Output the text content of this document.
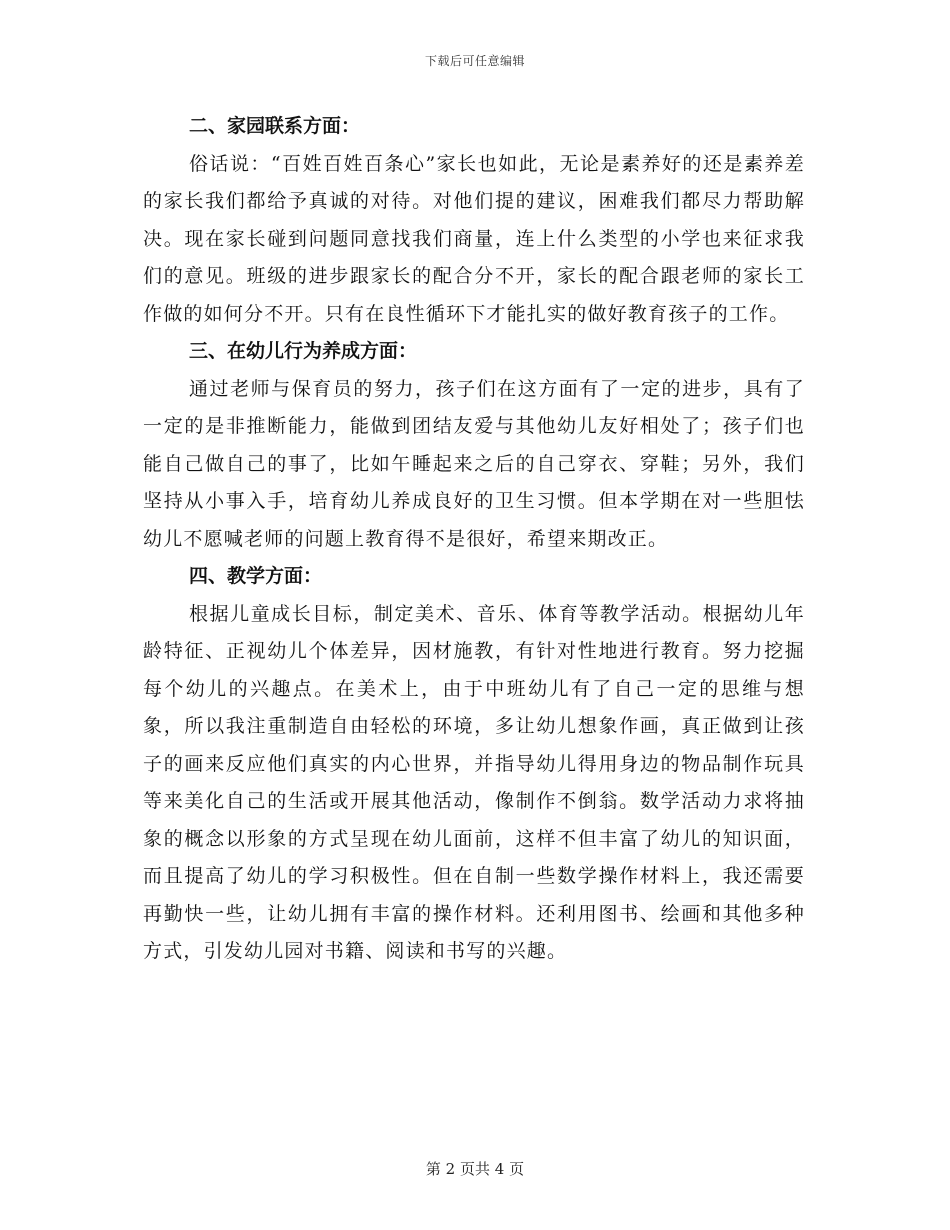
下载后可任意编辑

二、家园联系方面：

俗话说：“百姓百姓百条心”家长也如此，无论是素养好的还是素养差的家长我们都给予真诚的对待。对他们提的建议，困难我们都尽力帮助解决。现在家长碰到问题同意找我们商量，连上什么类型的小学也来征求我们的意见。班级的进步跟家长的配合分不开，家长的配合跟老师的家长工作做的如何分不开。只有在良性循环下才能扎实的做好教育孩子的工作。

三、在幼儿行为养成方面：

通过老师与保育员的努力，孩子们在这方面有了一定的进步，具有了一定的是非推断能力，能做到团结友爱与其他幼儿友好相处了；孩子们也能自己做自己的事了，比如午睡起来之后的自己穿衣、穿鞋；另外，我们坚持从小事入手，培育幼儿养成良好的卫生习惯。但本学期在对一些胆怯幼儿不愿喊老师的问题上教育得不是很好，希望来期改正。

四、教学方面：

根据儿童成长目标，制定美术、音乐、体育等教学活动。根据幼儿年龄特征、正视幼儿个体差异，因材施教，有针对性地进行教育。努力挖掘每个幼儿的兴趣点。在美术上，由于中班幼儿有了自己一定的思维与想象，所以我注重制造自由轻松的环境，多让幼儿想象作画，真正做到让孩子的画来反应他们真实的内心世界，并指导幼儿得用身边的物品制作玩具等来美化自己的生活或开展其他活动，像制作不倒翁。数学活动力求将抽象的概念以形象的方式呈现在幼儿面前，这样不但丰富了幼儿的知识面，而且提高了幼儿的学习积极性。但在自制一些数学操作材料上，我还需要再勤快一些，让幼儿拥有丰富的操作材料。还利用图书、绘画和其他多种方式，引发幼儿园对书籍、阅读和书写的兴趣。

第 2 页共 4 页
